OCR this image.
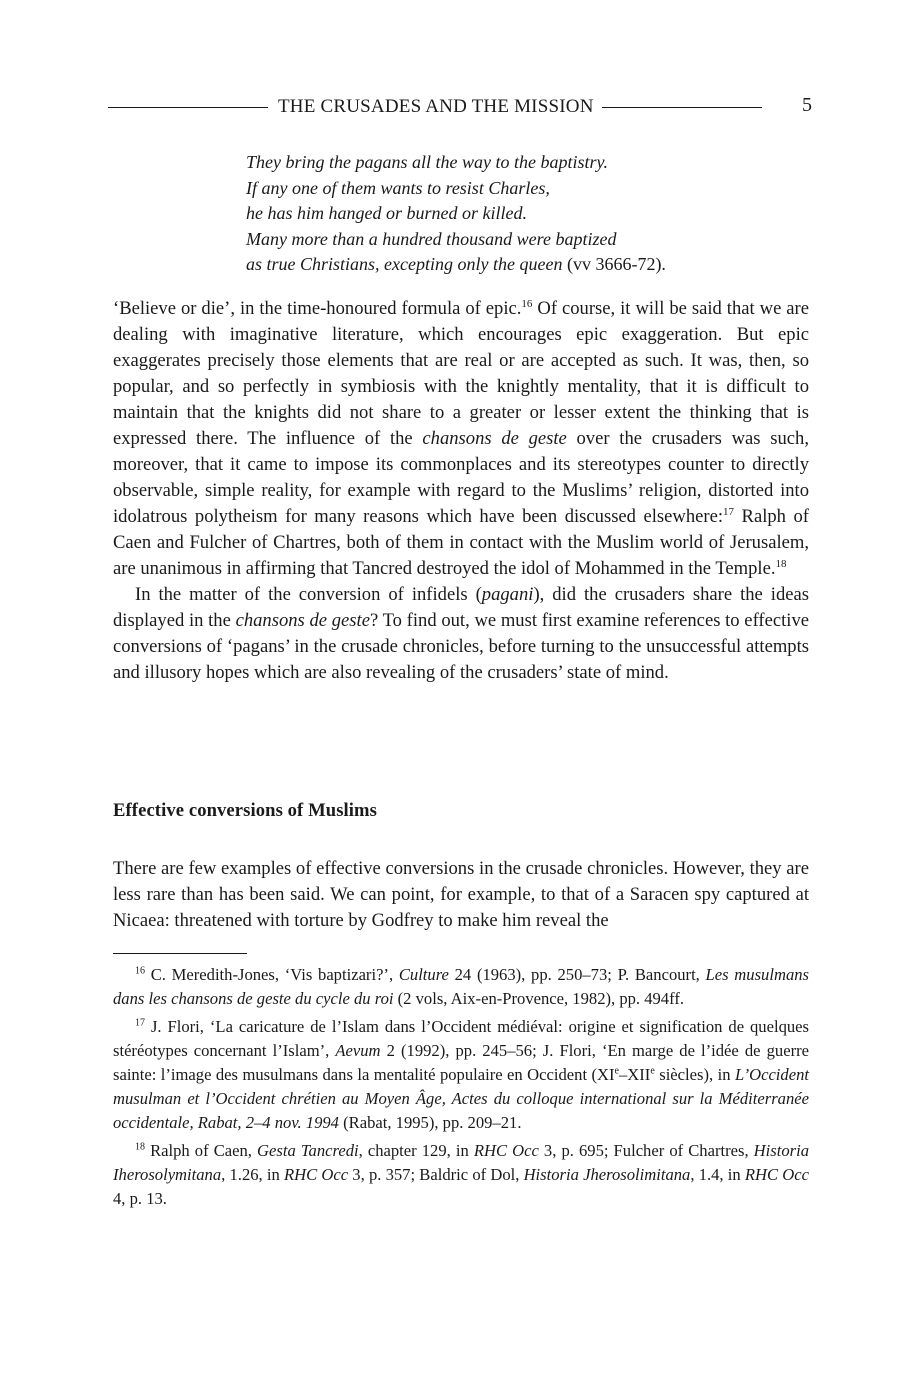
THE CRUSADES AND THE MISSION	5
They bring the pagans all the way to the baptistry.
If any one of them wants to resist Charles,
he has him hanged or burned or killed.
Many more than a hundred thousand were baptized
as true Christians, excepting only the queen (vv 3666-72).

‘Believe or die’, in the time-honoured formula of epic.$^{16}$ Of course, it will be said that we are dealing with imaginative literature, which encourages epic exaggeration. But epic exaggerates precisely those elements that are real or are accepted as such. It was, then, so popular, and so perfectly in symbiosis with the knightly mentality, that it is difficult to maintain that the knights did not share to a greater or lesser extent the thinking that is expressed there. The influence of the chansons de geste over the crusaders was such, moreover, that it came to impose its commonplaces and its stereotypes counter to directly observable, simple reality, for example with regard to the Muslims’ religion, distorted into idolatrous polytheism for many reasons which have been discussed elsewhere:$^{17}$ Ralph of Caen and Fulcher of Chartres, both of them in contact with the Muslim world of Jerusalem, are unanimous in affirming that Tancred destroyed the idol of Mohammed in the Temple.$^{18}$

In the matter of the conversion of infidels (pagani), did the crusaders share the ideas displayed in the chansons de geste? To find out, we must first examine references to effective conversions of ‘pagans’ in the crusade chronicles, before turning to the unsuccessful attempts and illusory hopes which are also revealing of the crusaders’ state of mind.

Effective conversions of Muslims

There are few examples of effective conversions in the crusade chronicles. However, they are less rare than has been said. We can point, for example, to that of a Saracen spy captured at Nicaea: threatened with torture by Godfrey to make him reveal the

$^{16}$ C. Meredith-Jones, ‘Vis baptizari?’, Culture 24 (1963), pp. 250–73; P. Bancourt, Les musulmans dans les chansons de geste du cycle du roi (2 vols, Aix-en-Provence, 1982), pp. 494ff.

$^{17}$ J. Flori, ‘La caricature de l’Islam dans l’Occident médiéval: origine et signification de quelques stéréotypes concernant l’Islam’, Aevum 2 (1992), pp. 245–56; J. Flori, ‘En marge de l’idée de guerre sainte: l’image des musulmans dans la mentalité populaire en Occident (XIe–XIIe siècles), in L’Occident musulman et l’Occident chrétien au Moyen Âge, Actes du colloque international sur la Méditerranée occidentale, Rabat, 2–4 nov. 1994 (Rabat, 1995), pp. 209–21.

$^{18}$ Ralph of Caen, Gesta Tancredi, chapter 129, in RHC Occ 3, p. 695; Fulcher of Chartres, Historia Iherosolymitana, 1.26, in RHC Occ 3, p. 357; Baldric of Dol, Historia Jherosolimitana, 1.4, in RHC Occ 4, p. 13.
